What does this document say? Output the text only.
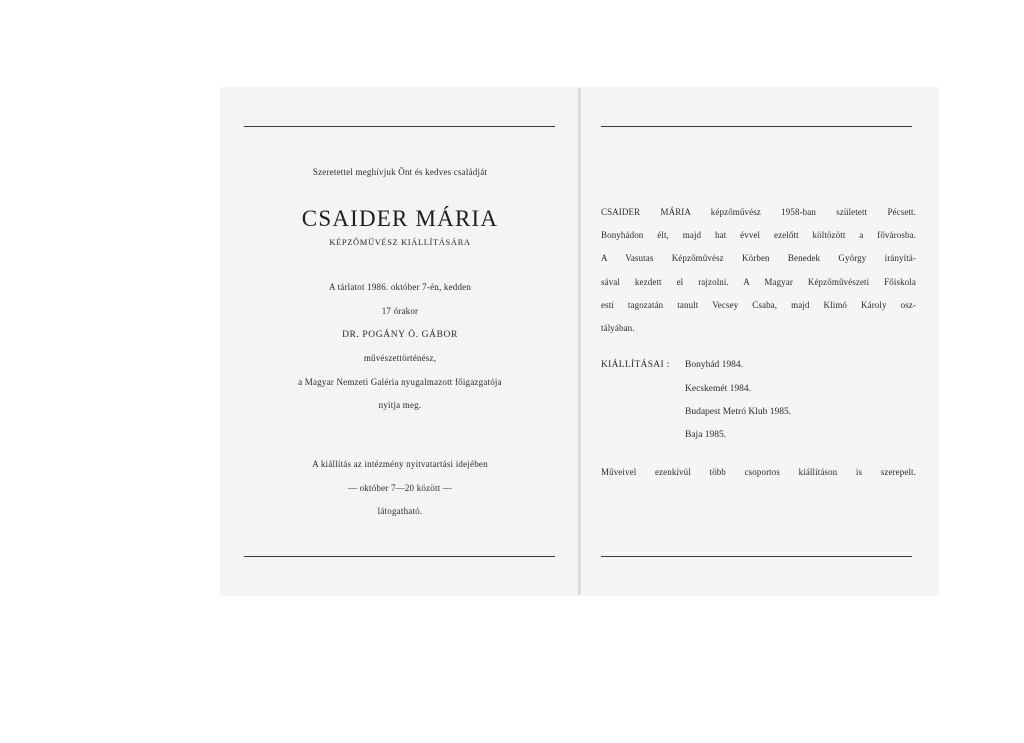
Szeretettel meghívjuk Önt és kedves családját
CSAIDER MÁRIA
KÉPZŐMŰVÉSZ KIÁLLÍTÁSÁRA
A tárlatot 1986. október 7-én, kedden
17 órakor
DR. POGÁNY Ö. GÁBOR
művészettörténész,
a Magyar Nemzeti Galéria nyugalmazott főigazgatója
nyitja meg.
A kiállítás az intézmény nyitvatartási idejében
— október 7—20 között —
látogatható.
CSAIDER MÁRIA képzőművész 1958-ban született Pécsett.
Bonyhádon élt, majd hat évvel ezelőtt költözött a fővárosba.
A Vasutas Képzőművész Körben Benedek György irányítá-
sával kezdett el rajzolni. A Magyar Képzőművészeti Főiskola
esti tagozatán tanult Vecsey Csaba, majd Klimó Károly osz-
tályában.
KIÁLLÍTÁSAI : Bonyhád 1984.
Kecskemét 1984.
Budapest Metró Klub 1985.
Baja 1985.
Műveivel ezenkívül több csoportos kiállításon is szerepelt.
